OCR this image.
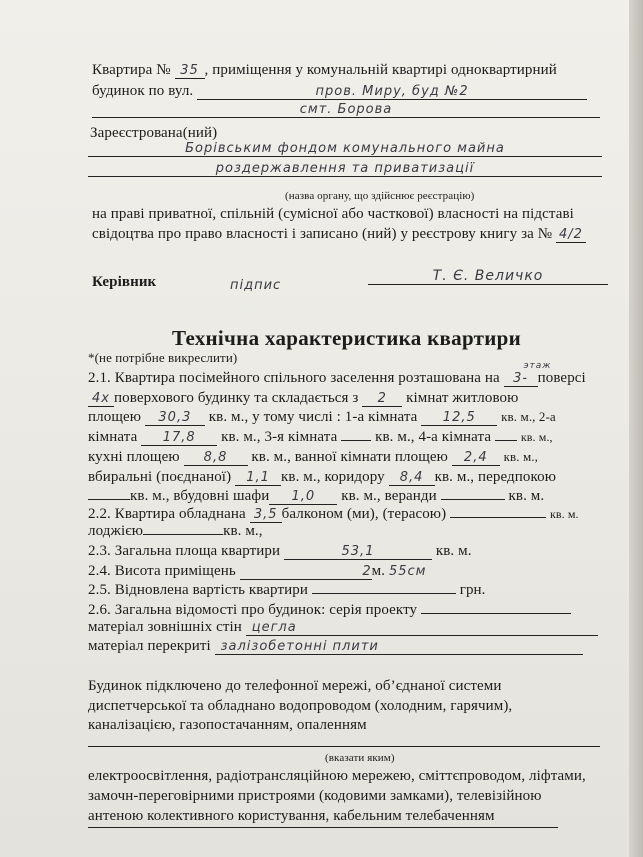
Квартира № 35 , приміщення у комунальній квартирі одноквартирний
будинок по вул.	пров. Миру, буд №2
смт. Борова
Зареєстрована(ний)
Борівським фондом комунального майна
роздержавлення та приватизації
(назва органу, що здійснює реєстрацію)
на праві приватної, спільній (сумісної або часткової) власності на підставі
свідоцтва про право власності і записано (ний) у реєстрову книгу за № 4/2
Керівник	підпис
Т. Є. Величко
Технічна характеристика квартири
*(не потрібне викреслити)
2.1. Квартира посімейного спільного заселення розташована на 3-
этаж
поверсі
4х поверхового будинку та складається з 2 кімнат житловою
площею 30,3 кв. м., у тому числі : 1-а кімната 12,5 кв. м., 2-а
кімната 17,8 кв. м., 3-я кімната	кв. м., 4-а кімната кв. м.,
кухні площею 8,8 кв. м., ванної кімнати площею 2,4 кв. м.,
вбиральні (поєднаної) 1,1 кв. м., коридору 8,4 кв. м., передпокою
кв. м., вбудовні шафи 1,0 кв. м., веранди	кв. м.
2.2. Квартира обладнана 3,5 балконом (ми), (терасою)	кв. м.
лоджією	кв. м.,
2.3. Загальна площа квартири	53,1	кв. м.
2.4. Висота приміщень	2м. 55см
2.5. Відновлена вартість квартири	грн.
2.6. Загальна відомості про будинок: серія проекту
матеріал зовнішніх стін цегла
матеріал перекриті залізобетонні плити
Будинок підключено до телефонної мережі, об’єднаної системи
диспетчерської та обладнано водопроводом (холодним, гарячим),
каналізацією, газопостачанням, опаленням
(вказати яким)
електроосвітлення, радіотрансляційною мережею, сміттєпроводом, ліфтами,
замочн-переговірними пристроями (кодовими замками), телевізійною
антеною колективного користування, кабельним телебаченням
